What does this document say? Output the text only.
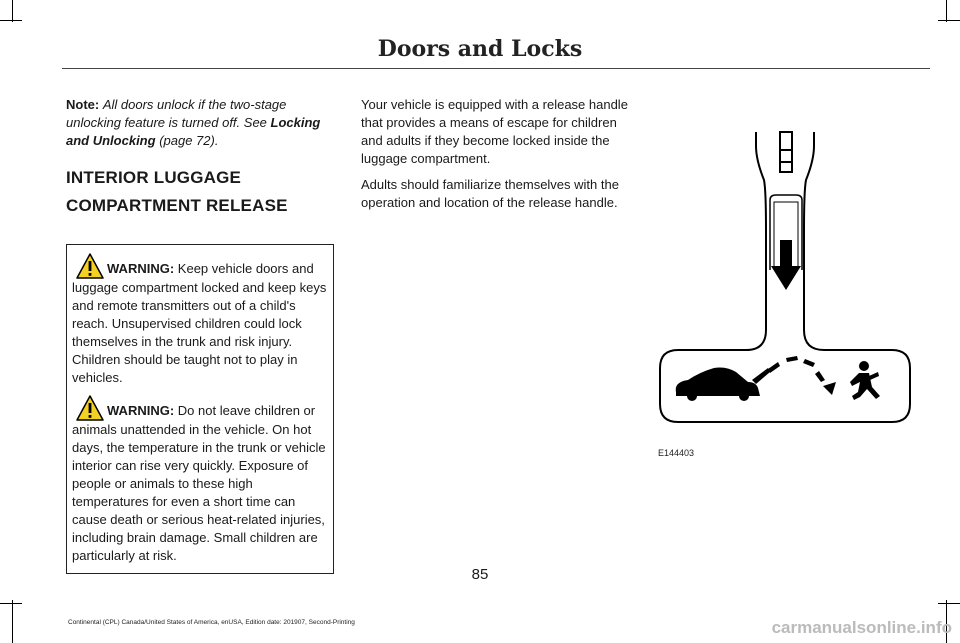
Doors and Locks

Note: All doors unlock if the two-stage unlocking feature is turned off. See Locking and Unlocking (page 72).

INTERIOR LUGGAGE
COMPARTMENT RELEASE

WARNING: Keep vehicle doors and luggage compartment locked and keep keys and remote transmitters out of a child's reach. Unsupervised children could lock themselves in the trunk and risk injury. Children should be taught not to play in vehicles.

WARNING: Do not leave children or animals unattended in the vehicle. On hot days, the temperature in the trunk or vehicle interior can rise very quickly. Exposure of people or animals to these high temperatures for even a short time can cause death or serious heat-related injuries, including brain damage. Small children are particularly at risk.

Your vehicle is equipped with a release handle that provides a means of escape for children and adults if they become locked inside the luggage compartment.

Adults should familiarize themselves with the operation and location of the release handle.

E144403
85
Continental (CPL) Canada/United States of America, enUSA, Edition date: 201907, Second-Printing	carmanualsonline.info
